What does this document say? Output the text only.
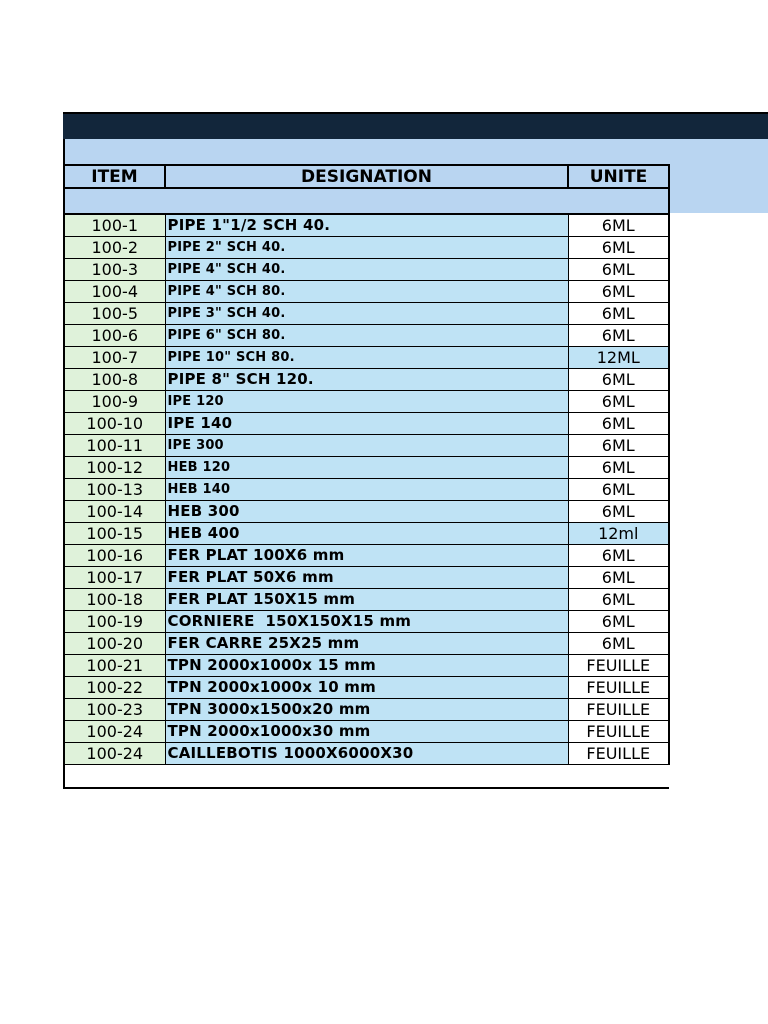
ITEM	DESIGNATION	UNITE

100-1	PIPE 1"1/2 SCH 40.	6ML
100-2	PIPE 2" SCH 40.	6ML
100-3	PIPE 4" SCH 40.	6ML
100-4	PIPE 4" SCH 80.	6ML
100-5	PIPE 3" SCH 40.	6ML
100-6	PIPE 6" SCH 80.	6ML
100-7	PIPE 10" SCH 80.	12ML
100-8	PIPE 8" SCH 120.	6ML
100-9	IPE 120	6ML
100-10	IPE 140	6ML
100-11	IPE 300	6ML
100-12	HEB 120	6ML
100-13	HEB 140	6ML
100-14	HEB 300	6ML
100-15	HEB 400	12ml
100-16	FER PLAT 100X6 mm	6ML
100-17	FER PLAT 50X6 mm	6ML
100-18	FER PLAT 150X15 mm	6ML
100-19	CORNIERE  150X150X15 mm	6ML
100-20	FER CARRE 25X25 mm	6ML
100-21	TPN 2000x1000x 15 mm	FEUILLE
100-22	TPN 2000x1000x 10 mm	FEUILLE
100-23	TPN 3000x1500x20 mm	FEUILLE
100-24	TPN 2000x1000x30 mm	FEUILLE
100-24	CAILLEBOTIS 1000X6000X30	FEUILLE
